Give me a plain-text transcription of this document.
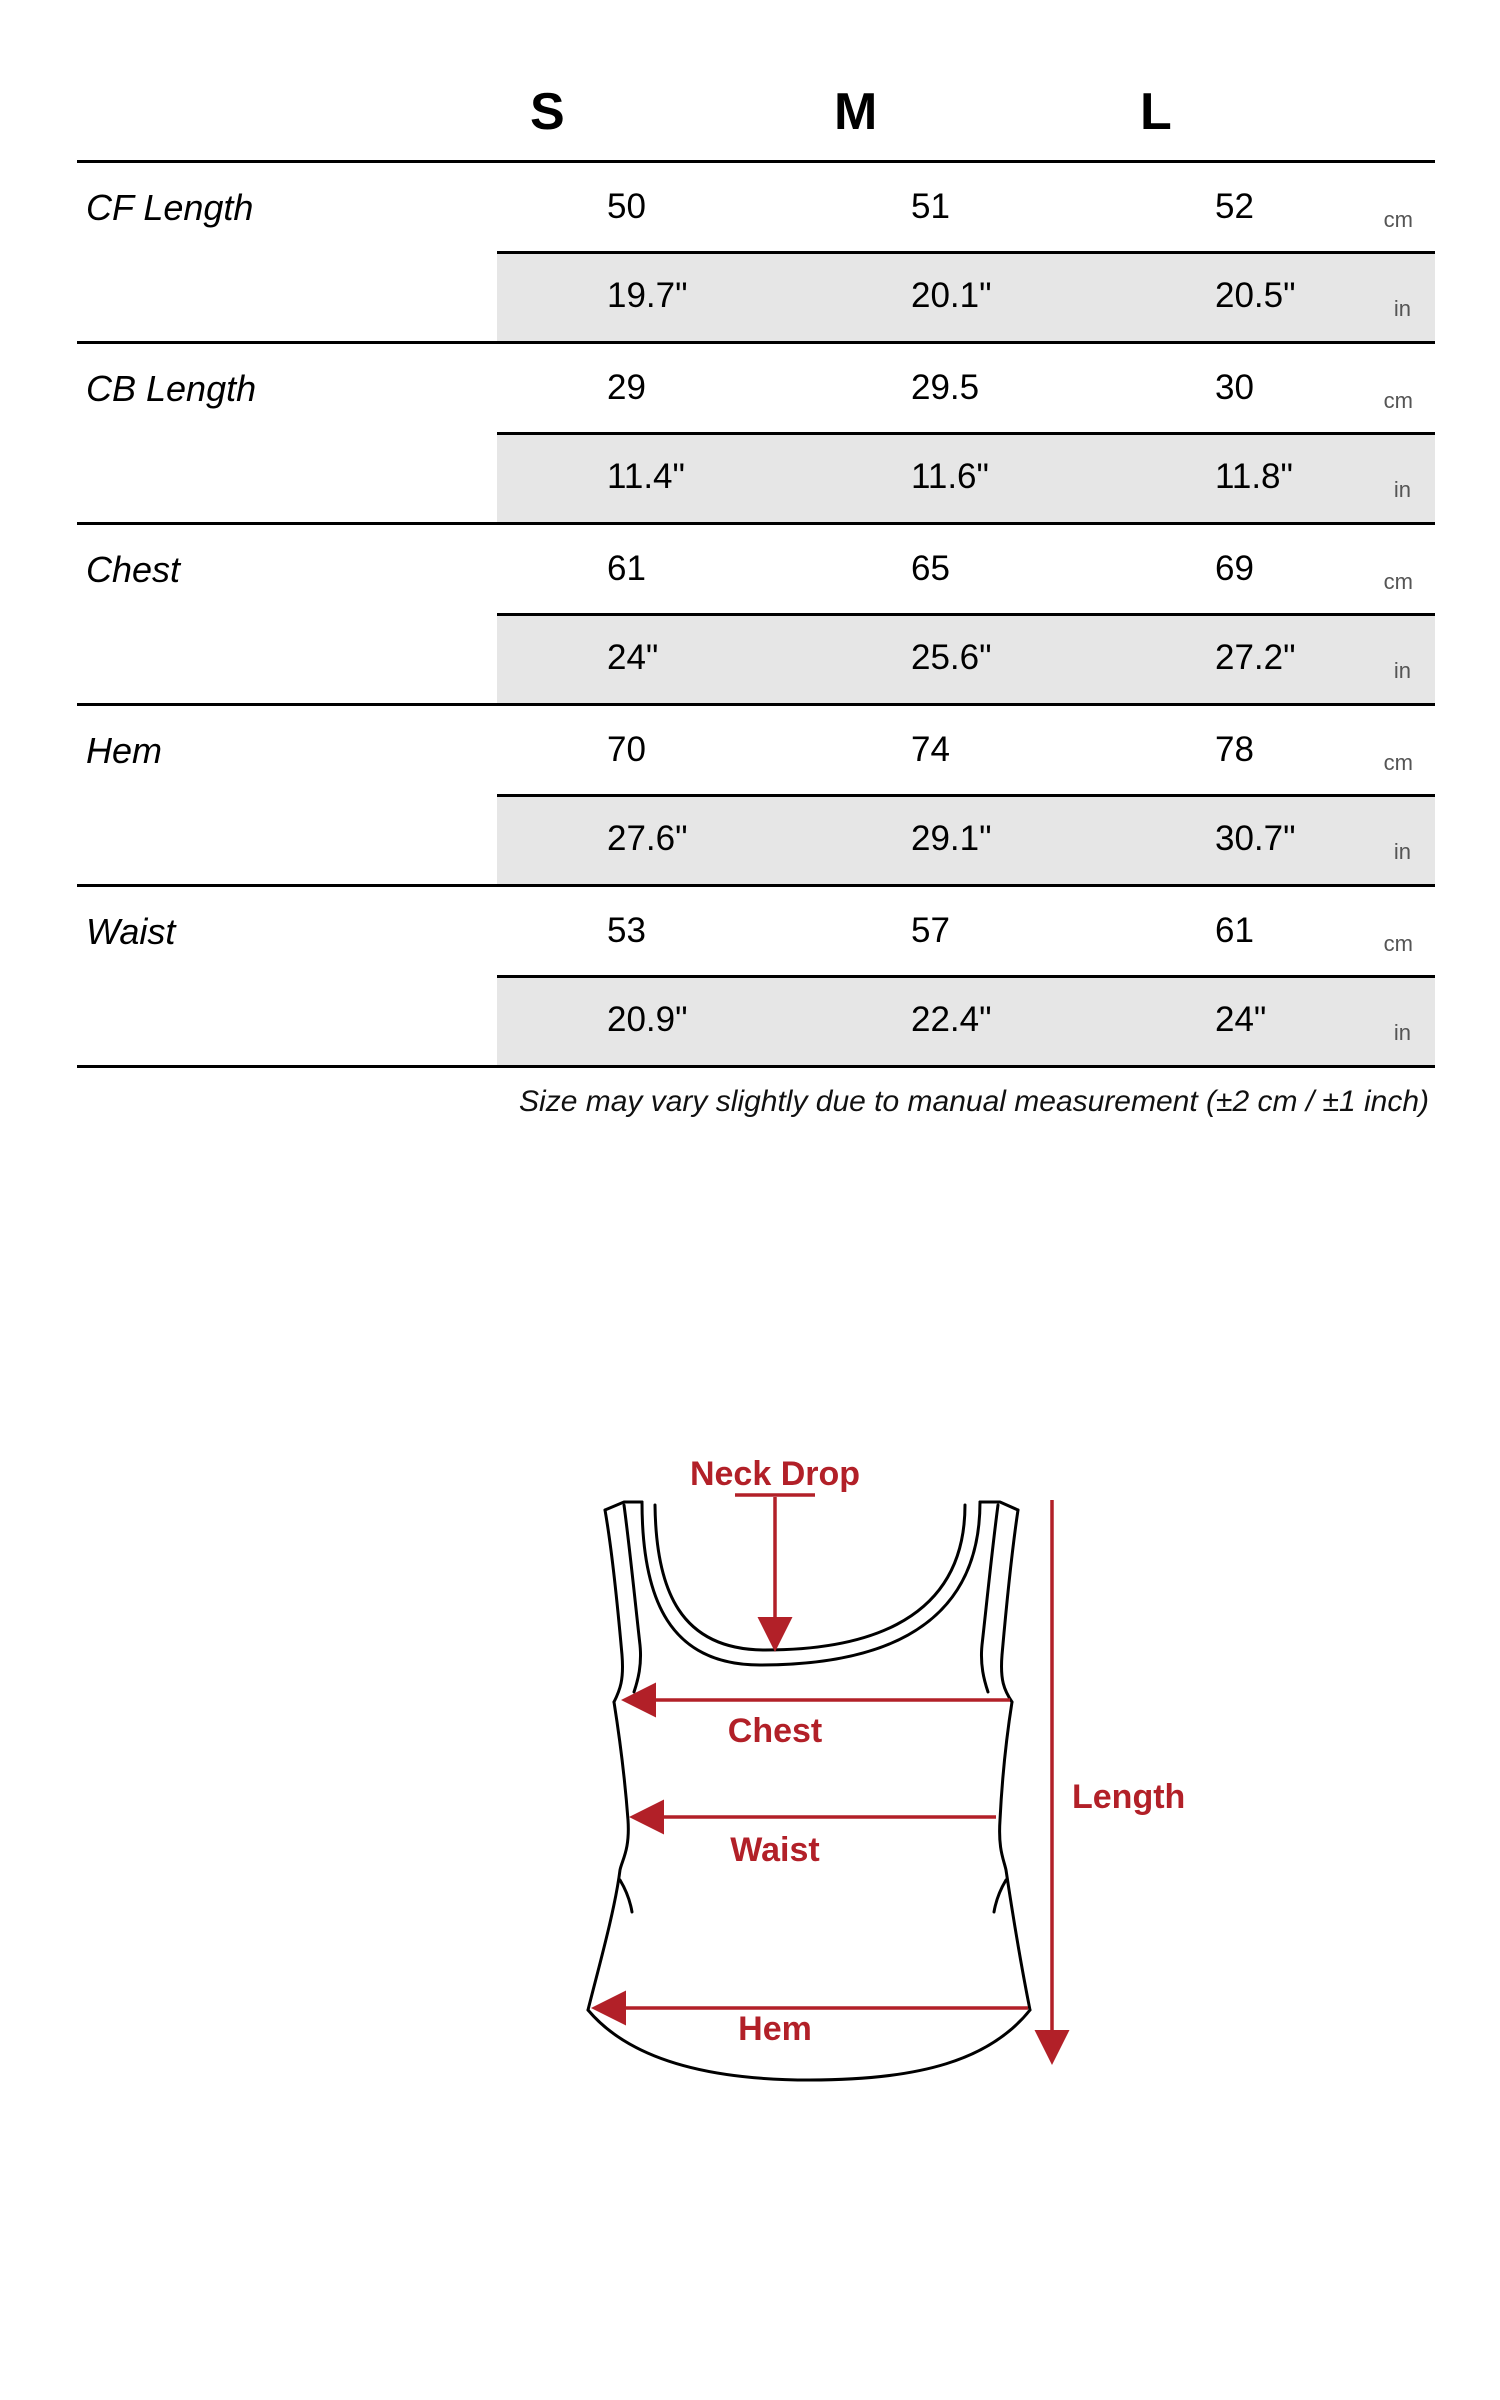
S	M	L
CF Length	50	51	52	cm
19.7"	20.1"	20.5"	in
CB Length	29	29.5	30	cm
11.4"	11.6"	11.8"	in
Chest	61	65	69	cm
24"	25.6"	27.2"	in
Hem	70	74	78	cm
27.6"	29.1"	30.7"	in
Waist	53	57	61	cm
20.9"	22.4"	24"	in
Size may vary slightly due to manual measurement (±2 cm / ±1 inch)
Neck Drop
Chest
Waist
Hem
Length
